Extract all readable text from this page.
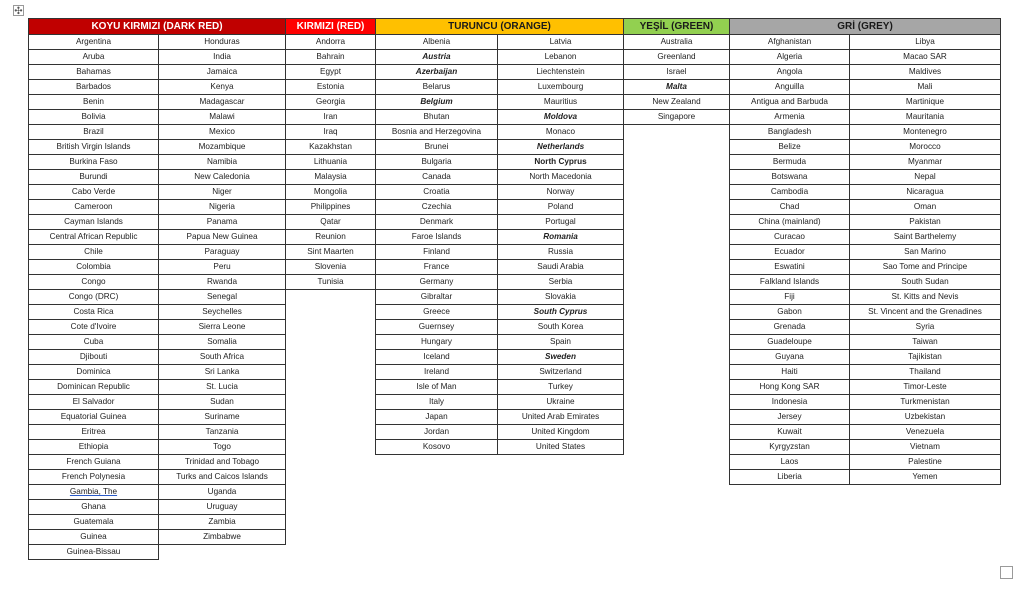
✣
KOYU KIRMIZI (DARK RED)	
Argentina	Honduras
Aruba	India
Bahamas	Jamaica
Barbados	Kenya
Benin	Madagascar
Bolivia	Malawi
Brazil	Mexico
British Virgin Islands	Mozambique
Burkina Faso	Namibia
Burundi	New Caledonia
Cabo Verde	Niger
Cameroon	Nigeria
Cayman Islands	Panama
Central African Republic	Papua New Guinea
Chile	Paraguay
Colombia	Peru
Congo	Rwanda
Congo (DRC)	Senegal
Costa Rica	Seychelles
Cote d'Ivoire	Sierra Leone
Cuba	Somalia
Djibouti	South Africa
Dominica	Sri Lanka
Dominican Republic	St. Lucia
El Salvador	Sudan
Equatorial Guinea	Suriname
Eritrea	Tanzania
Ethiopia	Togo
French Guiana	Trinidad and Tobago
French Polynesia	Turks and Caicos Islands
Gambia, The	Uganda
Ghana	Uruguay
Guatemala	Zambia
Guinea	Zimbabwe
Guinea-Bissau	
KIRMIZI (RED)
Andorra
Bahrain
Egypt
Estonia
Georgia
Iran
Iraq
Kazakhstan
Lithuania
Malaysia
Mongolia
Philippines
Qatar
Reunion
Sint Maarten
Slovenia
Tunisia
TURUNCU (ORANGE)	
Albenia	Latvia
Austria	Lebanon
Azerbaijan	Liechtenstein
Belarus	Luxembourg
Belgium	Mauritius
Bhutan	Moldova
Bosnia and Herzegovina	Monaco
Brunei	Netherlands
Bulgaria	North Cyprus
Canada	North Macedonia
Croatia	Norway
Czechia	Poland
Denmark	Portugal
Faroe Islands	Romania
Finland	Russia
France	Saudi Arabia
Germany	Serbia
Gibraltar	Slovakia
Greece	South Cyprus
Guernsey	South Korea
Hungary	Spain
Iceland	Sweden
Ireland	Switzerland
Isle of Man	Turkey
Italy	Ukraine
Japan	United Arab Emirates
Jordan	United Kingdom
Kosovo	United States
YEŞİL (GREEN)
Australia
Greenland
Israel
Malta
New Zealand
Singapore
GRİ (GREY)	
Afghanistan	Libya
Algeria	Macao SAR
Angola	Maldives
Anguilla	Mali
Antigua and Barbuda	Martinique
Armenia	Mauritania
Bangladesh	Montenegro
Belize	Morocco
Bermuda	Myanmar
Botswana	Nepal
Cambodia	Nicaragua
Chad	Oman
China (mainland)	Pakistan
Curacao	Saint Barthelemy
Ecuador	San Marino
Eswatini	Sao Tome and Principe
Falkland Islands	South Sudan
Fiji	St. Kitts and Nevis
Gabon	St. Vincent and the Grenadines
Grenada	Syria
Guadeloupe	Taiwan
Guyana	Tajikistan
Haiti	Thailand
Hong Kong SAR	Timor-Leste
Indonesia	Turkmenistan
Jersey	Uzbekistan
Kuwait	Venezuela
Kyrgyzstan	Vietnam
Laos	Palestine
Liberia	Yemen
